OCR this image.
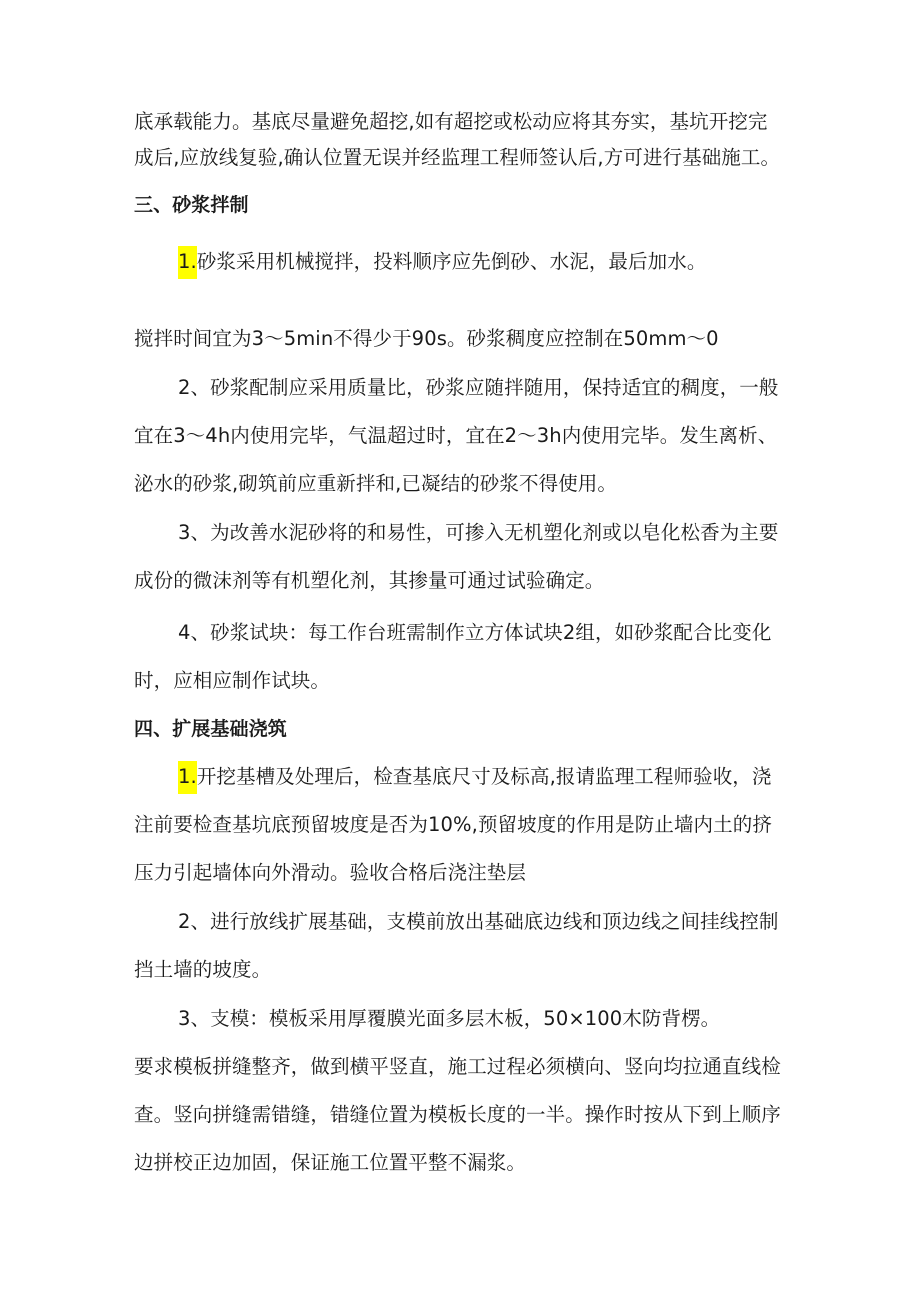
底承载能力。基底尽量避免超挖,如有超挖或松动应将其夯实，基坑开挖完
成后,应放线复验,确认位置无误并经监理工程师签认后,方可进行基础施工。
三、砂浆拌制
1.砂浆采用机械搅拌，投料顺序应先倒砂、水泥，最后加水。
搅拌时间宜为3～5min不得少于90s。砂浆稠度应控制在50mm～0
2、砂浆配制应采用质量比，砂浆应随拌随用，保持适宜的稠度，一般
宜在3～4h内使用完毕，气温超过时，宜在2～3h内使用完毕。发生离析、
泌水的砂浆,砌筑前应重新拌和,已凝结的砂浆不得使用。
3、为改善水泥砂将的和易性，可掺入无机塑化剂或以皂化松香为主要
成份的微沫剂等有机塑化剂，其掺量可通过试验确定。
4、砂浆试块：每工作台班需制作立方体试块2组，如砂浆配合比变化
时，应相应制作试块。
四、扩展基础浇筑
1.开挖基槽及处理后，检查基底尺寸及标高,报请监理工程师验收，浇
注前要检查基坑底预留坡度是否为10%,预留坡度的作用是防止墙内土的挤
压力引起墙体向外滑动。验收合格后浇注垫层
2、进行放线扩展基础，支模前放出基础底边线和顶边线之间挂线控制
挡土墙的坡度。
3、支模：模板采用厚覆膜光面多层木板，50×100木防背楞。
要求模板拼缝整齐，做到横平竖直，施工过程必须横向、竖向均拉通直线检
查。竖向拼缝需错缝，错缝位置为模板长度的一半。操作时按从下到上顺序
边拼校正边加固，保证施工位置平整不漏浆。
